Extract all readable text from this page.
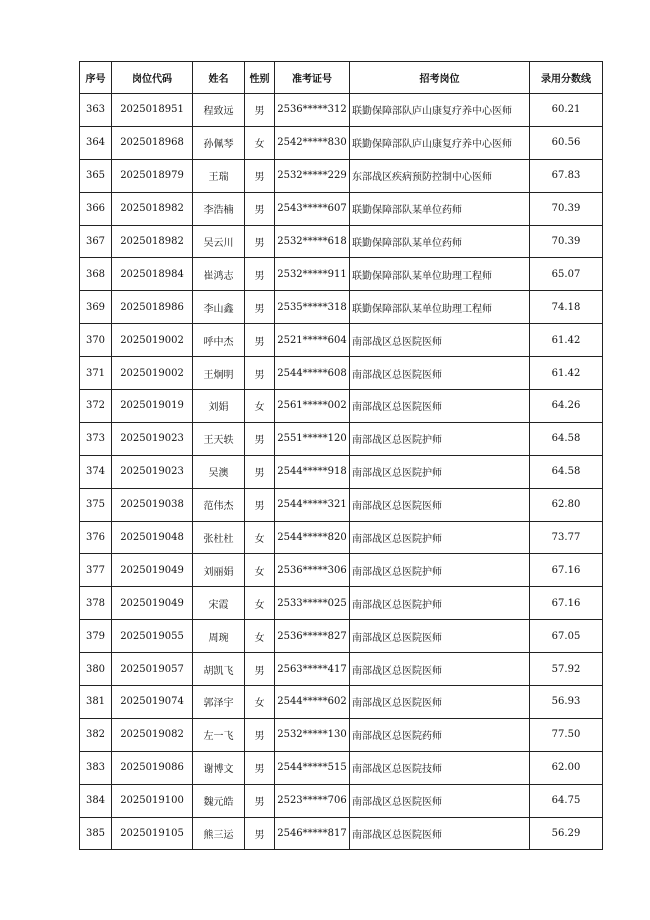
序号	岗位代码	姓名	性别	准考证号	招考岗位	录用分数线
363	2025018951	程致远	男	2536*****312	联勤保障部队庐山康复疗养中心医师	60.21
364	2025018968	孙佩琴	女	2542*****830	联勤保障部队庐山康复疗养中心医师	60.56
365	2025018979	王瑞	男	2532*****229	东部战区疾病预防控制中心医师	67.83
366	2025018982	李浩楠	男	2543*****607	联勤保障部队某单位药师	70.39
367	2025018982	吴云川	男	2532*****618	联勤保障部队某单位药师	70.39
368	2025018984	崔鸿志	男	2532*****911	联勤保障部队某单位助理工程师	65.07
369	2025018986	李山鑫	男	2535*****318	联勤保障部队某单位助理工程师	74.18
370	2025019002	呼中杰	男	2521*****604	南部战区总医院医师	61.42
371	2025019002	王炯明	男	2544*****608	南部战区总医院医师	61.42
372	2025019019	刘娟	女	2561*****002	南部战区总医院医师	64.26
373	2025019023	王天轶	男	2551*****120	南部战区总医院护师	64.58
374	2025019023	吴澳	男	2544*****918	南部战区总医院护师	64.58
375	2025019038	范伟杰	男	2544*****321	南部战区总医院医师	62.80
376	2025019048	张杜杜	女	2544*****820	南部战区总医院护师	73.77
377	2025019049	刘丽娟	女	2536*****306	南部战区总医院护师	67.16
378	2025019049	宋霞	女	2533*****025	南部战区总医院护师	67.16
379	2025019055	周琬	女	2536*****827	南部战区总医院医师	67.05
380	2025019057	胡凯飞	男	2563*****417	南部战区总医院医师	57.92
381	2025019074	郭泽宇	女	2544*****602	南部战区总医院医师	56.93
382	2025019082	左一飞	男	2532*****130	南部战区总医院药师	77.50
383	2025019086	谢博文	男	2544*****515	南部战区总医院技师	62.00
384	2025019100	魏元皓	男	2523*****706	南部战区总医院医师	64.75
385	2025019105	熊三运	男	2546*****817	南部战区总医院医师	56.29
